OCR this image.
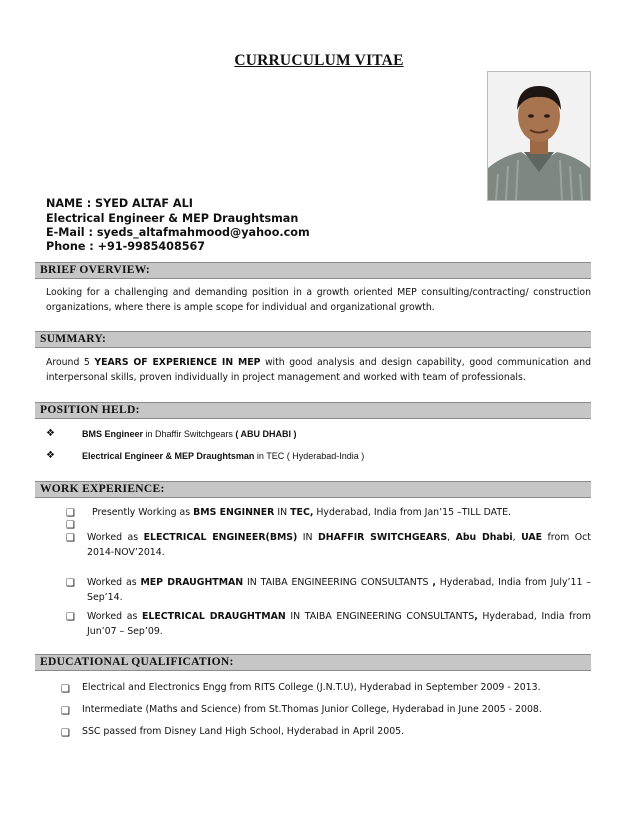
CURRUCULUM VITAE
NAME : SYED ALTAF ALI
Electrical Engineer & MEP Draughtsman
E-Mail : syeds_altafmahmood@yahoo.com
Phone : +91-9985408567
BRIEF OVERVIEW:
Looking for a challenging and demanding position in a growth oriented MEP consulting/contracting/ construction organizations, where there is ample scope for individual and organizational growth.
SUMMARY:
Around 5 YEARS OF EXPERIENCE IN MEP with good analysis and design capability, good communication and interpersonal skills, proven individually in project management and worked with team of professionals.
POSITION HELD:
❖	BMS Engineer in Dhaffir Switchgears ( ABU DHABI )
❖	Electrical Engineer & MEP Draughtsman in TEC ( Hyderabad-India )
WORK EXPERIENCE:
❑ Presently Working as BMS ENGINNER IN TEC, Hyderabad, India from Jan’15 –TILL DATE.
❑
❑ Worked as ELECTRICAL ENGINEER(BMS) IN DHAFFIR SWITCHGEARS, Abu Dhabi, UAE from Oct 2014-NOV’2014.
❑ Worked as MEP DRAUGHTMAN IN TAIBA ENGINEERING CONSULTANTS , Hyderabad, India from July’11 – Sep’14.
❑ Worked as ELECTRICAL DRAUGHTMAN IN TAIBA ENGINEERING CONSULTANTS, Hyderabad, India from Jun’07 – Sep’09.
EDUCATIONAL QUALIFICATION:
❑ Electrical and Electronics Engg from RITS College (J.N.T.U), Hyderabad in September 2009 - 2013.
❑ Intermediate (Maths and Science) from St.Thomas Junior College, Hyderabad in June 2005 - 2008.
❑ SSC passed from Disney Land High School, Hyderabad in April 2005.
